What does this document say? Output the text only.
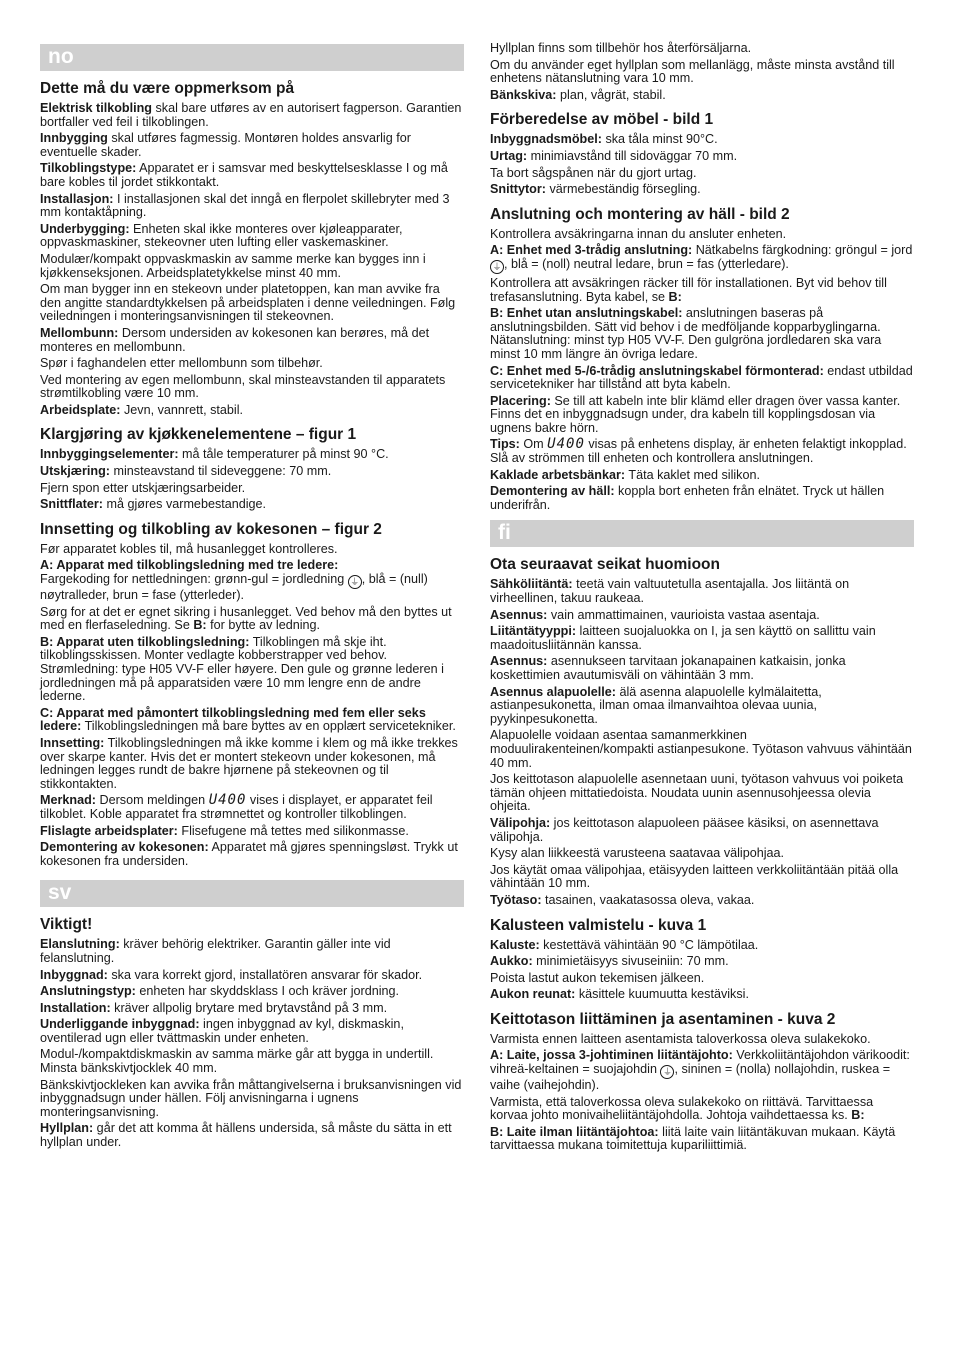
no
Dette må du være oppmerksom på

Elektrisk tilkobling skal bare utføres av en autorisert fagperson. Garantien bortfaller ved feil i tilkoblingen.

Innbygging skal utføres fagmessig. Montøren holdes ansvarlig for eventuelle skader.

Tilkoblingstype: Apparatet er i samsvar med beskyttelsesklasse I og må bare kobles til jordet stikkontakt.

Installasjon: I installasjonen skal det inngå en flerpolet skillebryter med 3 mm kontaktåpning.

Underbygging: Enheten skal ikke monteres over kjøleapparater, oppvaskmaskiner, stekeovner uten lufting eller vaskemaskiner.

Modulær/kompakt oppvaskmaskin av samme merke kan bygges inn i kjøkkenseksjonen. Arbeidsplatetykkelse minst 40 mm.

Om man bygger inn en stekeovn under platetoppen, kan man avvike fra den angitte standardtykkelsen på arbeidsplaten i denne veiledningen. Følg veiledningen i monteringsanvisningen til stekeovnen.

Mellombunn: Dersom undersiden av kokesonen kan berøres, må det monteres en mellombunn.

Spør i faghandelen etter mellombunn som tilbehør.

Ved montering av egen mellombunn, skal minsteavstanden til apparatets strømtilkobling være 10 mm.

Arbeidsplate: Jevn, vannrett, stabil.

Klargjøring av kjøkkenelementene – figur 1

Innbyggingselementer: må tåle temperaturer på minst 90 °C.

Utskjæring: minsteavstand til sideveggene: 70 mm.

Fjern spon etter utskjæringsarbeider.

Snittflater: må gjøres varmebestandige.

Innsetting og tilkobling av kokesonen – figur 2

Før apparatet kobles til, må husanlegget kontrolleres.

A: Apparat med tilkoblingsledning med tre ledere:
Fargekoding for nettledningen: grønn-gul = jordledning ⏚ , blå = (null) nøytralleder, brun = fase (ytterleder).

Sørg for at det er egnet sikring i husanlegget. Ved behov må den byttes ut med en flerfaseledning. Se B: for bytte av ledning.

B: Apparat uten tilkoblingsledning: Tilkoblingen må skje iht. tilkoblingsskissen. Monter vedlagte kobberstrapper ved behov. Strømledning: type H05 VV-F eller høyere. Den gule og grønne lederen i jordledningen må på apparatsiden være 10 mm lengre enn de andre lederne.

C: Apparat med påmontert tilkoblingsledning med fem eller seks ledere: Tilkoblingsledningen må bare byttes av en opplært servicetekniker.

Innsetting: Tilkoblingsledningen må ikke komme i klem og må ikke trekkes over skarpe kanter. Hvis det er montert stekeovn under kokesonen, må ledningen legges rundt de bakre hjørnene på stekeovnen og til stikkontakten.

Merknad: Dersom meldingen U400 vises i displayet, er apparatet feil tilkoblet. Koble apparatet fra strømnettet og kontroller tilkoblingen.

Flislagte arbeidsplater: Flisefugene må tettes med silikonmasse.

Demontering av kokesonen: Apparatet må gjøres spenningsløst. Trykk ut kokesonen fra undersiden.

sv
Viktigt!

Elanslutning: kräver behörig elektriker. Garantin gäller inte vid felanslutning.

Inbyggnad: ska vara korrekt gjord, installatören ansvarar för skador.

Anslutningstyp: enheten har skyddsklass I och kräver jordning.

Installation: kräver allpolig brytare med brytavstånd på 3 mm.

Underliggande inbyggnad: ingen inbyggnad av kyl, diskmaskin, oventilerad ugn eller tvättmaskin under enheten.

Modul-/kompaktdiskmaskin av samma märke går att bygga in undertill. Minsta bänkskivtjocklek 40 mm.

Bänkskivtjockleken kan avvika från måttangivelserna i bruksanvisningen vid inbyggnadsugn under hällen. Följ anvisningarna i ugnens monteringsanvisning.

Hyllplan: går det att komma åt hällens undersida, så måste du sätta in ett hyllplan under.

Hyllplan finns som tillbehör hos återförsäljarna.

Om du använder eget hyllplan som mellanlägg, måste minsta avstånd till enhetens nätanslutning vara 10 mm.

Bänkskiva: plan, vågrät, stabil.

Förberedelse av möbel - bild 1

Inbyggnadsmöbel: ska tåla minst 90°C.

Urtag: minimiavstånd till sidoväggar 70 mm.

Ta bort sågspånen när du gjort urtag.

Snittytor: värmebeständig försegling.

Anslutning och montering av häll - bild 2

Kontrollera avsäkringarna innan du ansluter enheten.

A: Enhet med 3-trådig anslutning: Nätkabelns färgkodning: gröngul = jord ⏚ , blå = (noll) neutral ledare, brun = fas (ytterledare).

Kontrollera att avsäkringen räcker till för installationen. Byt vid behov till trefasanslutning. Byta kabel, se B:

B: Enhet utan anslutningskabel: anslutningen baseras på anslutningsbilden. Sätt vid behov i de medföljande kopparbyglingarna. Nätanslutning: minst typ H05 VV-F. Den gulgröna jordledaren ska vara minst 10 mm längre än övriga ledare.

C: Enhet med 5-/6-trådig anslutningskabel förmonterad: endast utbildad servicetekniker har tillstånd att byta kabeln.

Placering: Se till att kabeln inte blir klämd eller dragen över vassa kanter. Finns det en inbyggnadsugn under, dra kabeln till kopplingsdosan via ugnens bakre hörn.

Tips: Om U400 visas på enhetens display, är enheten felaktigt inkopplad. Slå av strömmen till enheten och kontrollera anslutningen.

Kaklade arbetsbänkar: Täta kaklet med silikon.

Demontering av häll: koppla bort enheten från elnätet. Tryck ut hällen underifrån.

fi
Ota seuraavat seikat huomioon

Sähköliitäntä: teetä vain valtuutetulla asentajalla. Jos liitäntä on virheellinen, takuu raukeaa.

Asennus: vain ammattimainen, vaurioista vastaa asentaja.

Liitäntätyyppi: laitteen suojaluokka on I, ja sen käyttö on sallittu vain maadoitusliitännän kanssa.

Asennus: asennukseen tarvitaan jokanapainen katkaisin, jonka koskettimien avautumisväli on vähintään 3 mm.

Asennus alapuolelle: älä asenna alapuolelle kylmälaitetta, astianpesukonetta, ilman omaa ilmanvaihtoa olevaa uunia, pyykinpesukonetta.

Alapuolelle voidaan asentaa samanmerkkinen moduulirakenteinen/kompakti astianpesukone. Työtason vahvuus vähintään 40 mm.

Jos keittotason alapuolelle asennetaan uuni, työtason vahvuus voi poiketa tämän ohjeen mittatiedoista. Noudata uunin asennusohjeessa olevia ohjeita.

Välipohja: jos keittotason alapuoleen pääsee käsiksi, on asennettava välipohja.

Kysy alan liikkeestä varusteena saatavaa välipohjaa.

Jos käytät omaa välipohjaa, etäisyyden laitteen verkkoliitäntään pitää olla vähintään 10 mm.

Työtaso: tasainen, vaakatasossa oleva, vakaa.

Kalusteen valmistelu - kuva 1

Kaluste: kestettävä vähintään 90 °C lämpötilaa.

Aukko: minimietäisyys sivuseiniin: 70 mm.

Poista lastut aukon tekemisen jälkeen.

Aukon reunat: käsittele kuumuutta kestäviksi.

Keittotason liittäminen ja asentaminen - kuva 2

Varmista ennen laitteen asentamista taloverkossa oleva sulakekoko.

A: Laite, jossa 3-johtiminen liitäntäjohto: Verkkoliitäntäjohdon värikoodit: vihreä-keltainen = suojajohdin ⏚ , sininen = (nolla) nollajohdin, ruskea = vaihe (vaihejohdin).

Varmista, että taloverkossa oleva sulakekoko on riittävä. Tarvittaessa korvaa johto monivaiheliitäntäjohdolla. Johtoja vaihdettaessa ks. B:

B: Laite ilman liitäntäjohtoa: liitä laite vain liitäntäkuvan mukaan. Käytä tarvittaessa mukana toimitettuja kupariliittimiä.
